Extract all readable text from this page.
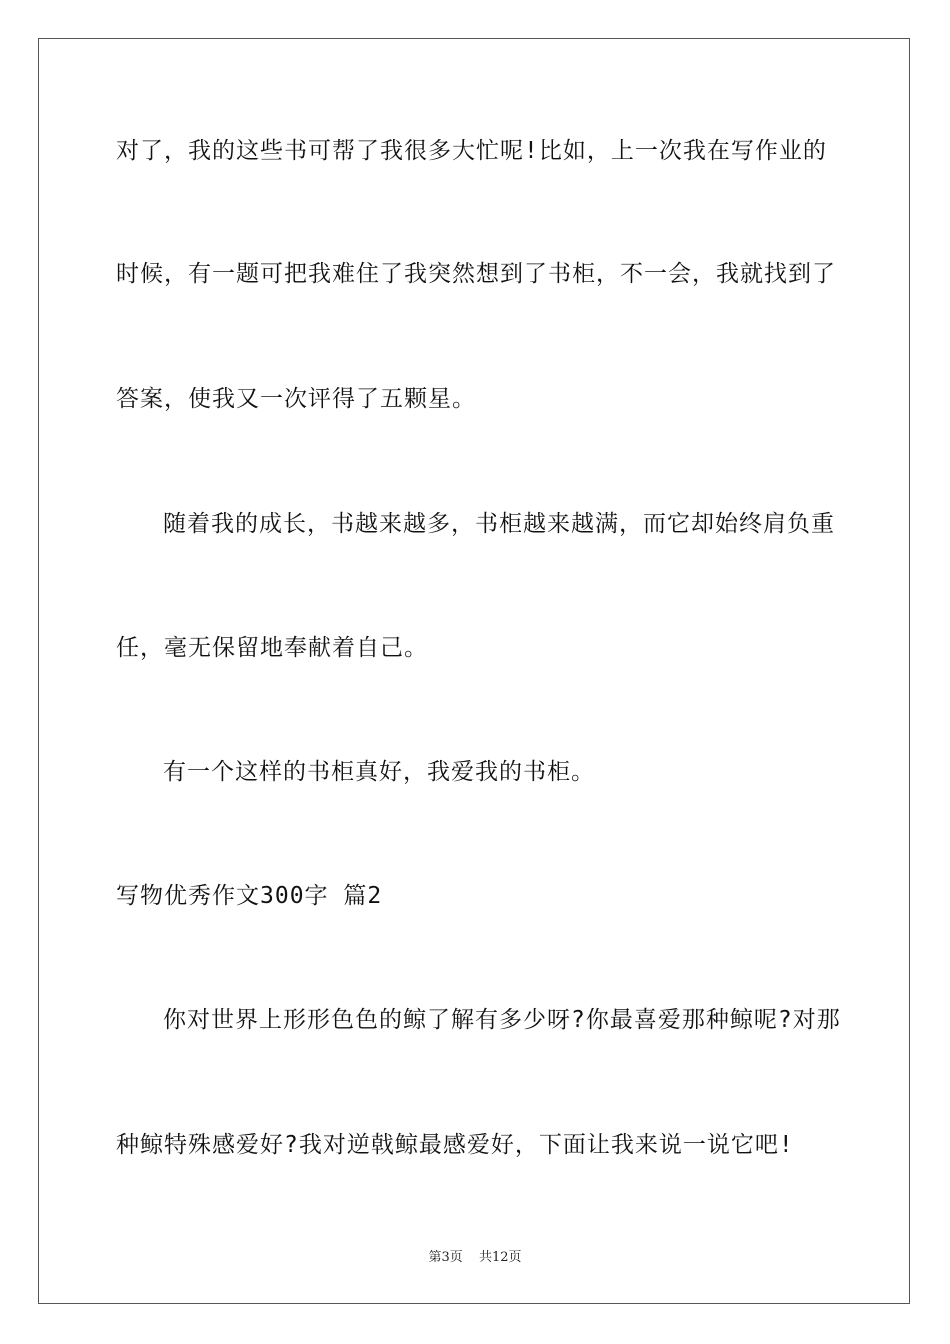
对了，我的这些书可帮了我很多大忙呢!比如，上一次我在写作业的
时候，有一题可把我难住了我突然想到了书柜，不一会，我就找到了
答案，使我又一次评得了五颗星。
随着我的成长，书越来越多，书柜越来越满，而它却始终肩负重
任，毫无保留地奉献着自己。
有一个这样的书柜真好，我爱我的书柜。
写物优秀作文300字 篇2
你对世界上形形色色的鲸了解有多少呀?你最喜爱那种鲸呢?对那
种鲸特殊感爱好?我对逆戟鲸最感爱好，下面让我来说一说它吧!
第3页 共12页
